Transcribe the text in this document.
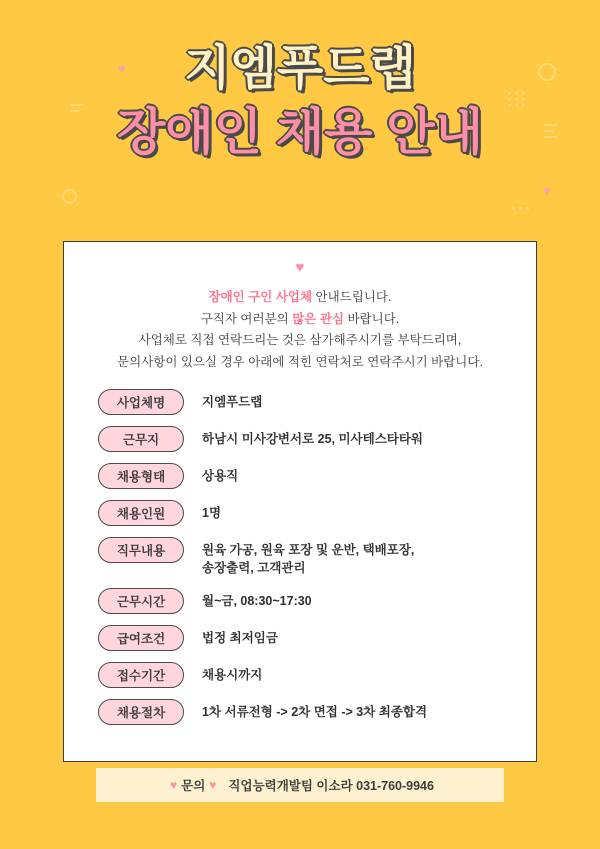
♥
♥
지엠푸드랩
장애인 채용 안내
♥
장애인 구인 사업체 안내드립니다.
구직자 여러분의 많은 관심 바랍니다.
사업체로 직접 연락드리는 것은 삼가해주시기를 부탁드리며,
문의사항이 있으실 경우 아래에 적힌 연락처로 연락주시기 바랍니다.
사업체명	지엠푸드랩
근무지	하남시 미사강변서로 25, 미사테스타타워
채용형태	상용직
채용인원	1명
직무내용	원육 가공, 원육 포장 및 운반, 택배포장,
송장출력, 고객관리
근무시간	월~금, 08:30~17:30
급여조건	법정 최저임금
접수기간	채용시까지
채용절차	1차 서류전형 -> 2차 면접 -> 3차 최종합격
♥ 문의 ♥ 직업능력개발팀 이소라 031-760-9946
